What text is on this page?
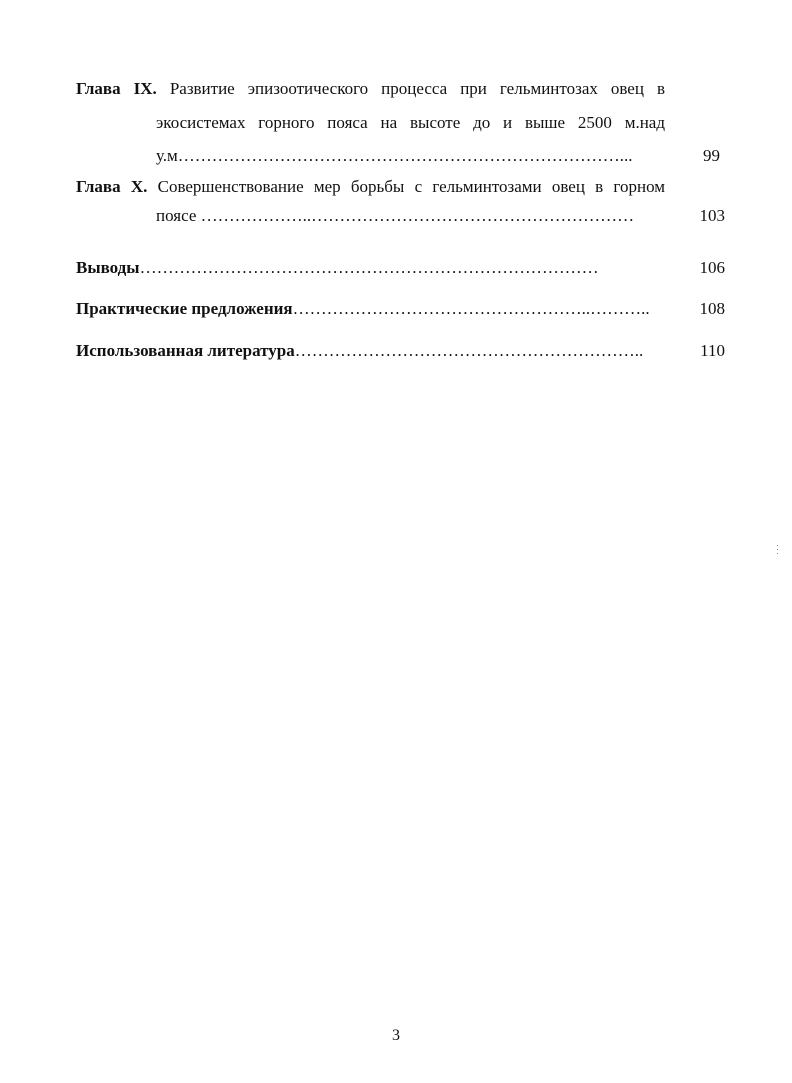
Глава IX. Развитие эпизоотического процесса при гельминтозах овец в
экосистемах горного пояса на высоте до и выше 2500 м.над
у.м……………………………………………………………………...	99
Глава X. Совершенствование мер борьбы с гельминтозами овец в горном
поясе ………………..…………………………………………………	103
Выводы………………………………………………………………………	106
Практические предложения……………………………………………..………..	108
Использованная литература……………………………………………………..	110
3
